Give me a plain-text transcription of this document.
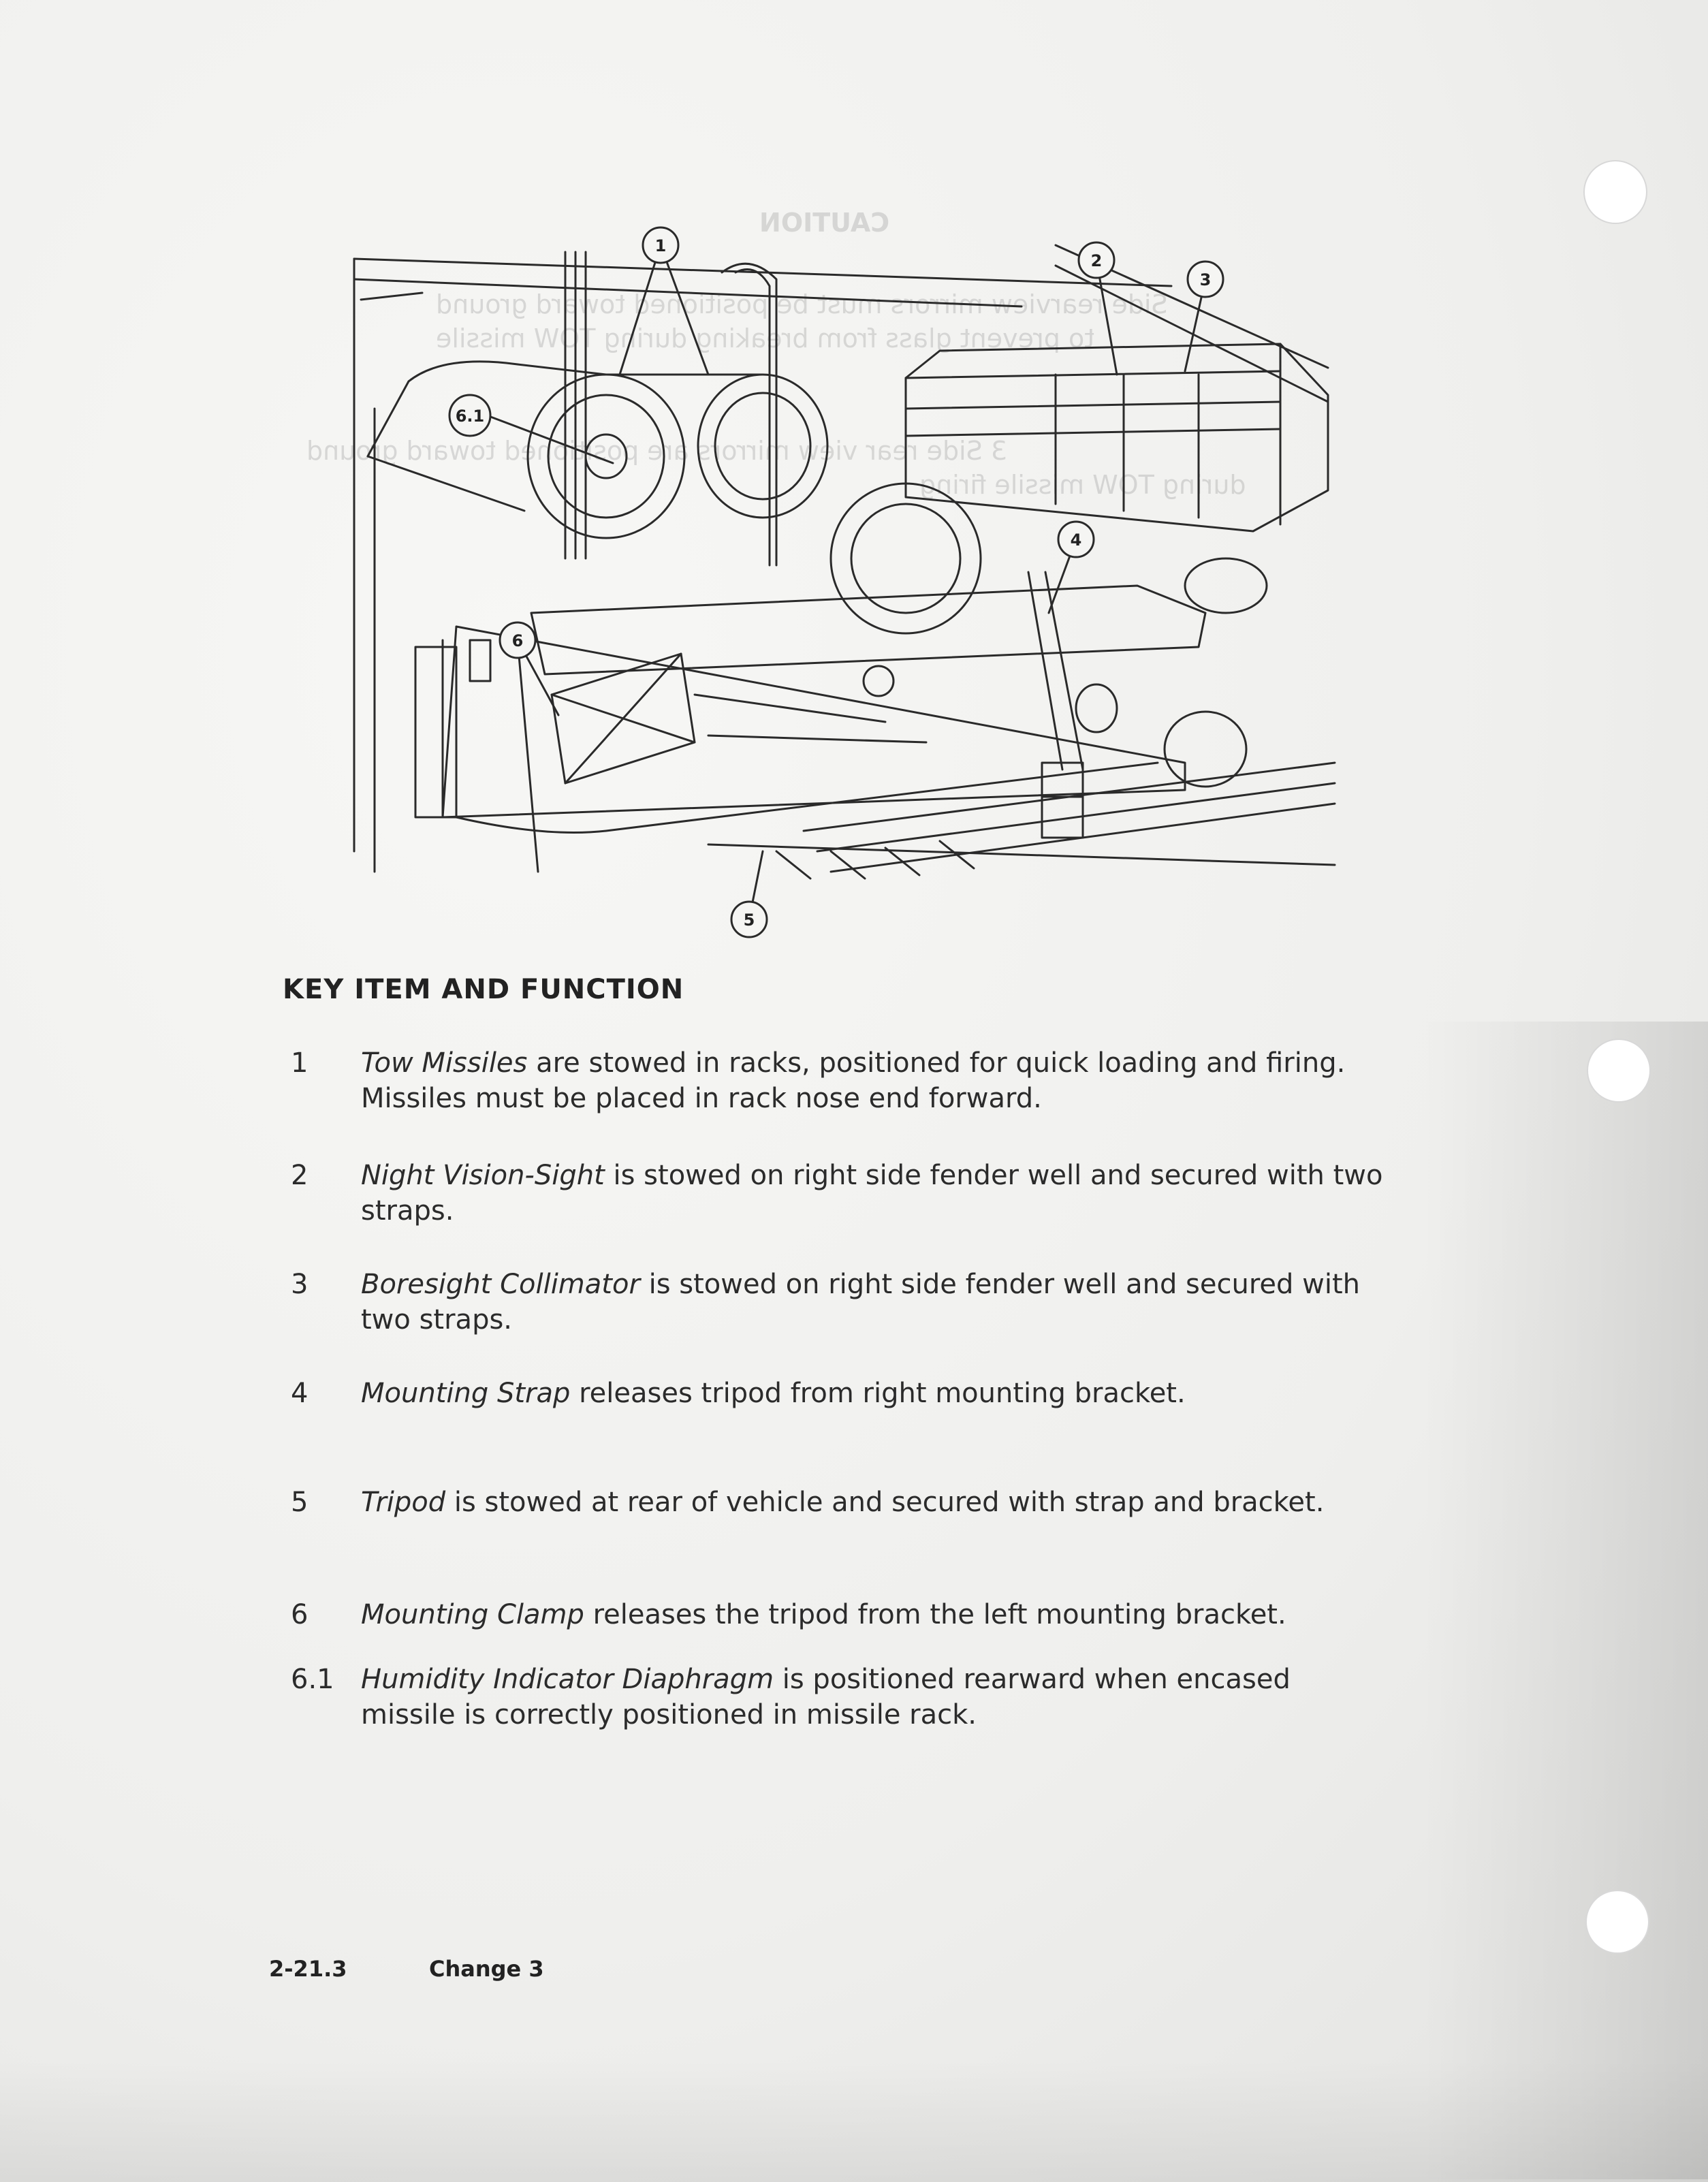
CAUTION
Side rearview mirrors must be positioned toward ground
to prevent glass from breaking during TOW missile
3 Side rear view mirrors are positioned toward ground
during TOW missile firing
1
2
3
4
5
6
6.1
KEY ITEM AND FUNCTION
1	Tow Missiles are stowed in racks, positioned for quick loading and firing. Missiles must be placed in rack nose end forward.
2	Night Vision-Sight is stowed on right side fender well and secured with two straps.
3	Boresight Collimator is stowed on right side fender well and secured with two straps.
4	Mounting Strap releases tripod from right mounting bracket.
5	Tripod is stowed at rear of vehicle and secured with strap and bracket.
6	Mounting Clamp releases the tripod from the left mounting bracket.
6.1 Humidity Indicator Diaphragm is positioned rearward when encased missile is correctly positioned in missile rack.
2-21.3	Change 3
